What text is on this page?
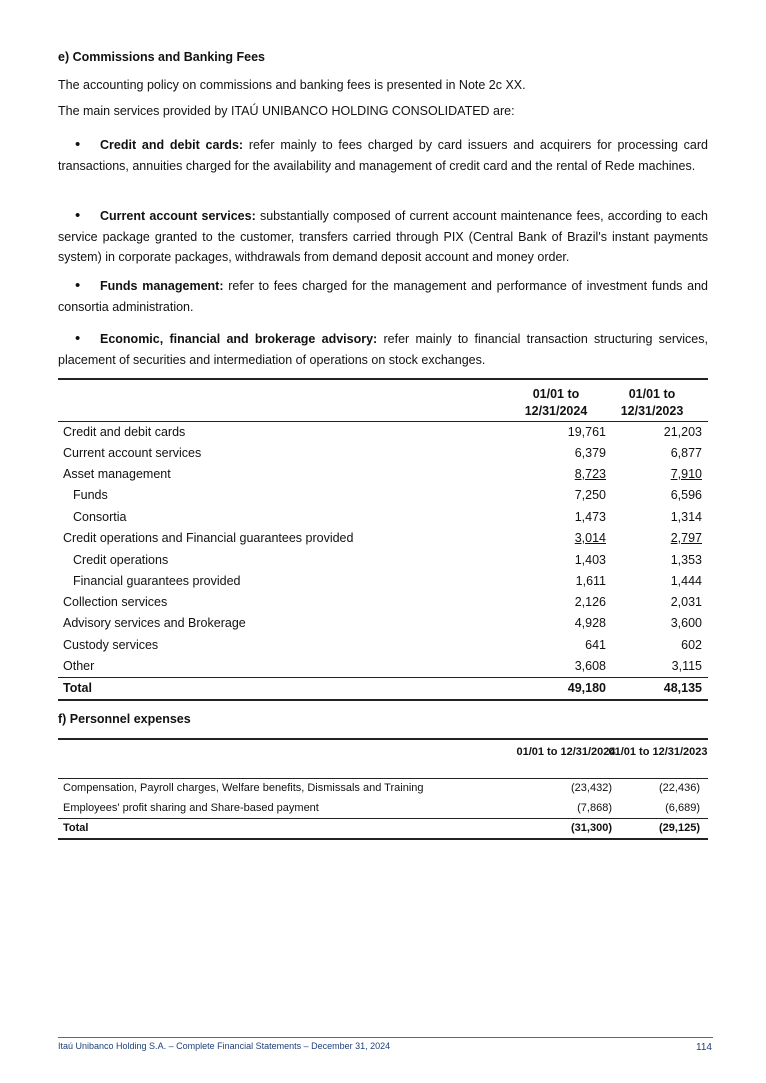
e) Commissions and Banking Fees

The accounting policy on commissions and banking fees is presented in Note 2c XX.

The main services provided by ITAÚ UNIBANCO HOLDING CONSOLIDATED are:

• Credit and debit cards: refer mainly to fees charged by card issuers and acquirers for processing card transactions, annuities charged for the availability and management of credit card and the rental of Rede machines.

• Current account services: substantially composed of current account maintenance fees, according to each service package granted to the customer, transfers carried through PIX (Central Bank of Brazil's instant payments system) in corporate packages, withdrawals from demand deposit account and money order.

• Funds management: refer to fees charged for the management and performance of investment funds and consortia administration.

• Economic, financial and brokerage advisory: refer mainly to financial transaction structuring services, placement of securities and intermediation of operations on stock exchanges.

01/01 to 12/31/2024
01/01 to 12/31/2023
Credit and debit cards	19,761	21,203
Current account services	6,379	6,877
Asset management	8,723	7,910
Funds	7,250	6,596
Consortia	1,473	1,314
Credit operations and Financial guarantees provided	3,014	2,797
Credit operations	1,403	1,353
Financial guarantees provided	1,611	1,444
Collection services	2,126	2,031
Advisory services and Brokerage	4,928	3,600
Custody services	641	602
Other	3,608	3,115
Total	49,180	48,135
f) Personnel expenses
01/01 to 12/31/2024
01/01 to 12/31/2023
Compensation, Payroll charges, Welfare benefits, Dismissals and Training	(23,432)	(22,436)
Employees' profit sharing and Share-based payment	(7,868)	(6,689)
Total	(31,300)	(29,125)
Itaú Unibanco Holding S.A. – Complete Financial Statements – December 31, 2024	114
